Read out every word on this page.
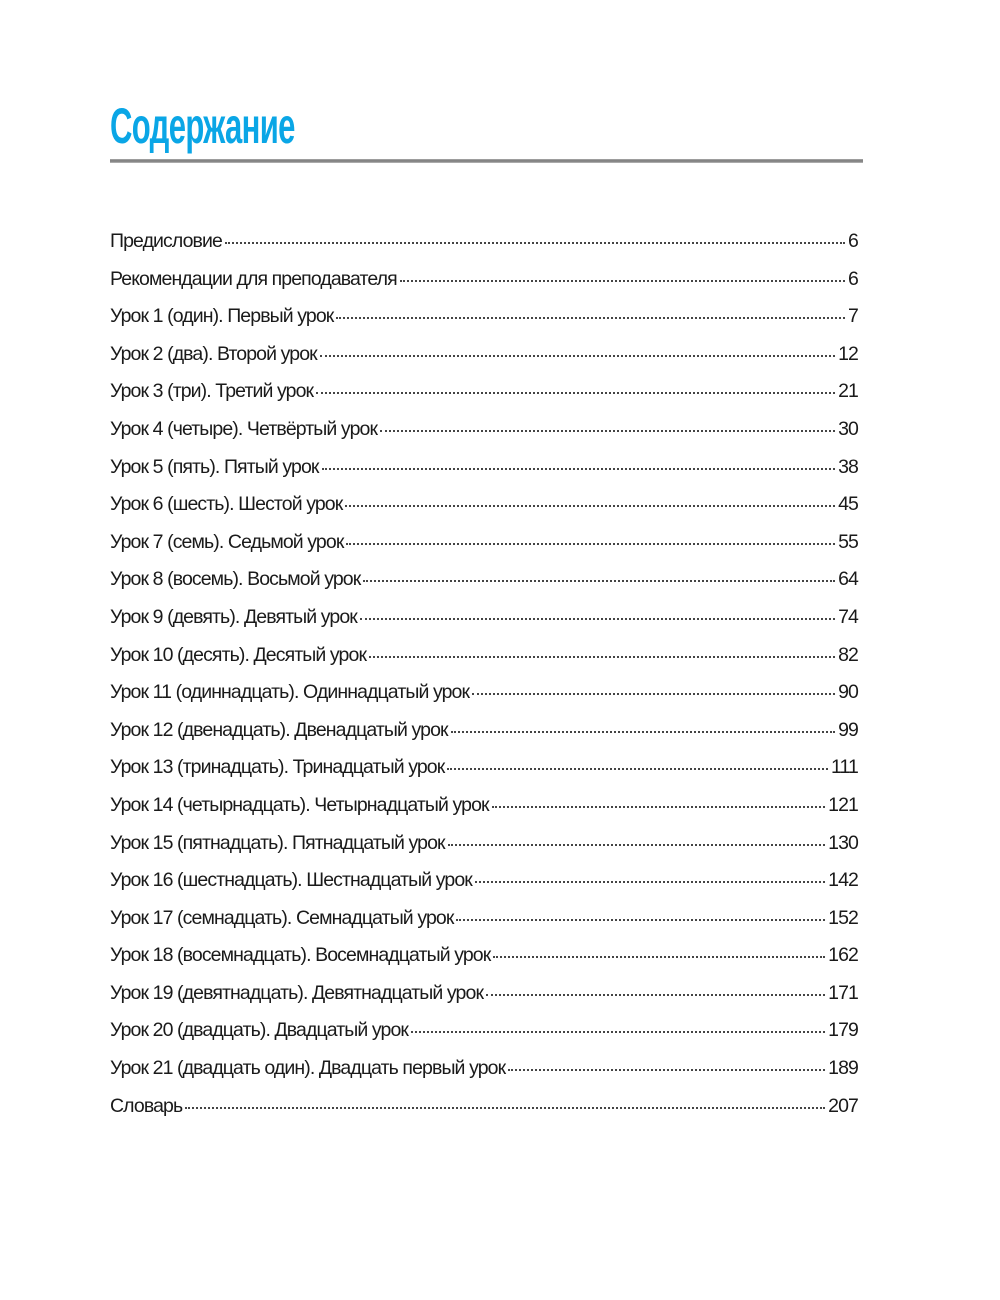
Содержание
Предисловие	6
Рекомендации для преподавателя	6
Урок 1 (один). Первый урок	7
Урок 2 (два). Второй урок	12
Урок 3 (три). Третий урок	21
Урок 4 (четыре). Четвёртый урок	30
Урок 5 (пять). Пятый урок	38
Урок 6 (шесть). Шестой урок	45
Урок 7 (семь). Седьмой урок	55
Урок 8 (восемь). Восьмой урок	64
Урок 9 (девять). Девятый урок	74
Урок 10 (десять). Десятый урок	82
Урок 11 (одиннадцать). Одиннадцатый урок	90
Урок 12 (двенадцать). Двенадцатый урок	99
Урок 13 (тринадцать). Тринадцатый урок	111
Урок 14 (четырнадцать). Четырнадцатый урок	121
Урок 15 (пятнадцать). Пятнадцатый урок	130
Урок 16 (шестнадцать). Шестнадцатый урок	142
Урок 17 (семнадцать). Семнадцатый урок	152
Урок 18 (восемнадцать). Восемнадцатый урок	162
Урок 19 (девятнадцать). Девятнадцатый урок	171
Урок 20 (двадцать). Двадцатый урок	179
Урок 21 (двадцать один). Двадцать первый урок	189
Словарь	207
